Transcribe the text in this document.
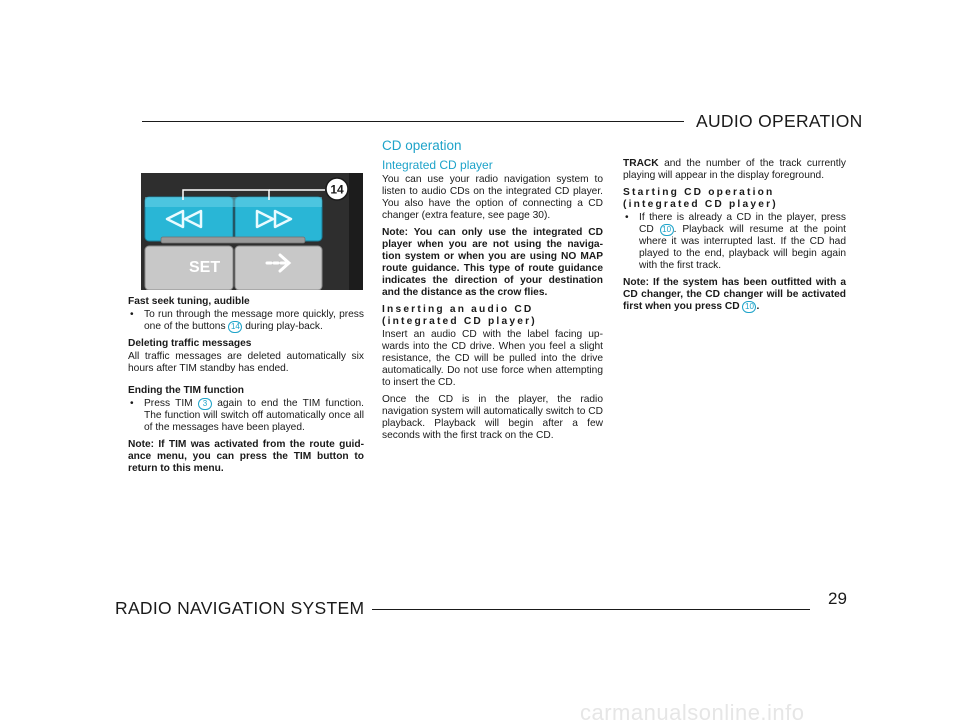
AUDIO OPERATION
SET
14

Fast seek tuning, audible

• To run through the message more quickly, press one of the buttons 14 during play-back.

Deleting traffic messages

All traffic messages are deleted automatically six hours after TIM standby has ended.

Ending the TIM function

• Press TIM 3 again to end the TIM function. The function will switch off automatically once all of the messages have been played.

Note: If TIM was activated from the route guid-ance menu, you can press the TIM button to return to this menu.

CD operation
Integrated CD player

You can use your radio navigation system to listen to audio CDs on the integrated CD player. You also have the option of connecting a CD changer (extra feature, see page 30).

Note: You can only use the integrated CD player when you are not using the naviga-tion system or when you are using NO MAP route guidance. This type of route guidance indicates the direction of your destination and the distance as the crow flies.

Inserting an audio CD (integrated CD player)

Insert an audio CD with the label facing up-wards into the CD drive. When you feel a slight resistance, the CD will be pulled into the drive automatically. Do not use force when attempting to insert the CD.

Once the CD is in the player, the radio navigation system will automatically switch to CD playback. Playback will begin after a few seconds with the first track on the CD.

TRACK and the number of the track currently playing will appear in the display foreground.

Starting CD operation (integrated CD player)

• If there is already a CD in the player, press CD 10 . Playback will resume at the point where it was interrupted last. If the CD had played to the end, playback will begin again with the first track.

Note: If the system has been outfitted with a CD changer, the CD changer will be activated first when you press CD 10 .

RADIO NAVIGATION SYSTEM	29
carmanualsonline.info
